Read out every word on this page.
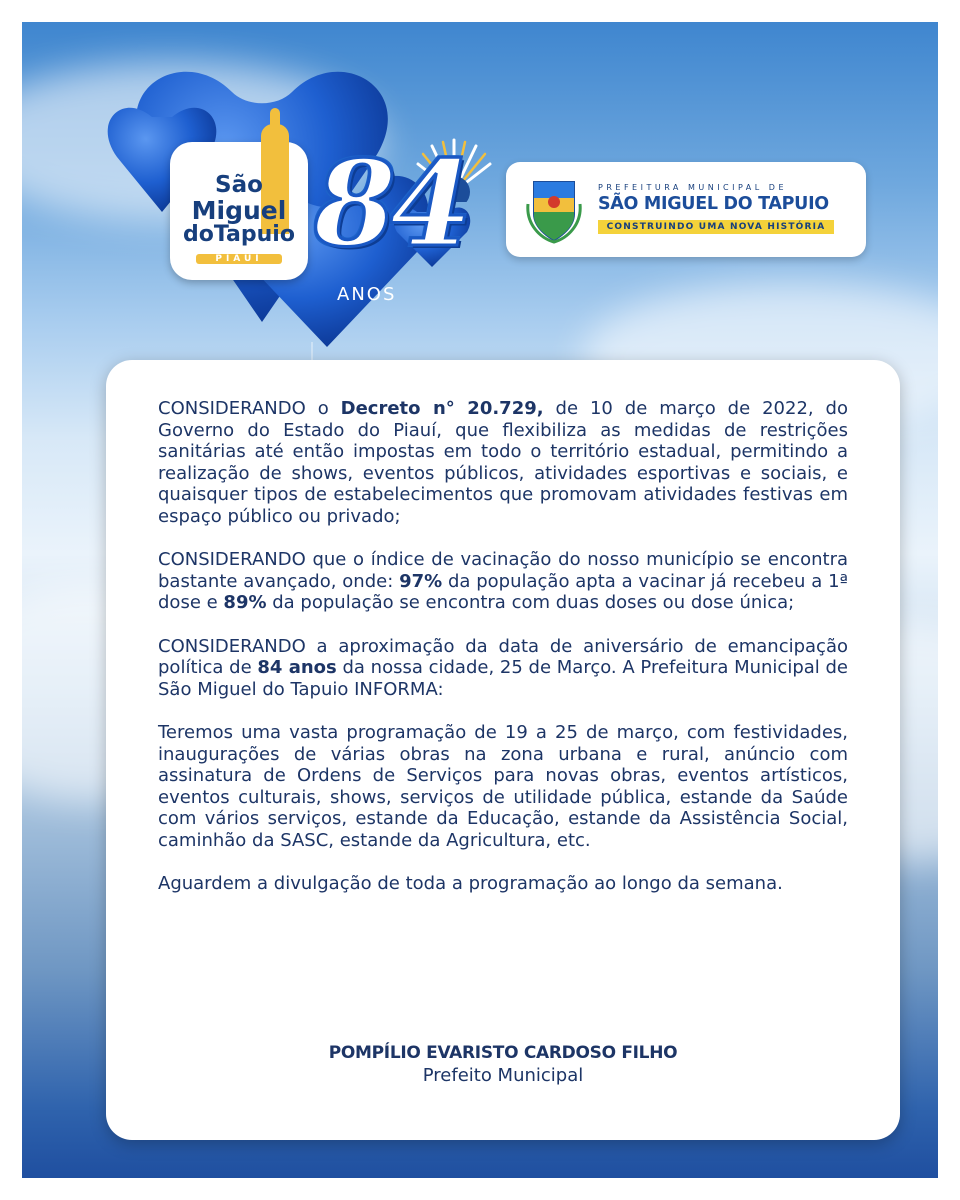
São
Miguel
doTapuio
PIAUÍ 84
ANOS
PREFEITURA MUNICIPAL DE
SÃO MIGUEL DO TAPUIO
CONSTRUINDO UMA NOVA HISTÓRIA

CONSIDERANDO o Decreto n° 20.729, de 10 de março de 2022, do Governo do Estado do Piauí, que flexibiliza as medidas de restrições sanitárias até então impostas em todo o território estadual, permitindo a realização de shows, eventos públicos, atividades esportivas e sociais, e quaisquer tipos de estabelecimentos que promovam atividades festivas em espaço público ou privado;

CONSIDERANDO que o índice de vacinação do nosso município se encontra bastante avançado, onde: 97% da população apta a vacinar já recebeu a 1ª dose e 89% da população se encontra com duas doses ou dose única;

CONSIDERANDO a aproximação da data de aniversário de emancipação política de 84 anos da nossa cidade, 25 de Março. A Prefeitura Municipal de São Miguel do Tapuio INFORMA:

Teremos uma vasta programação de 19 a 25 de março, com festividades, inaugurações de várias obras na zona urbana e rural, anúncio com assinatura de Ordens de Serviços para novas obras, eventos artísticos, eventos culturais, shows, serviços de utilidade pública, estande da Saúde com vários serviços, estande da Educação, estande da Assistência Social, caminhão da SASC, estande da Agricultura, etc.

Aguardem a divulgação de toda a programação ao longo da semana.

POMPÍLIO EVARISTO CARDOSO FILHO
Prefeito Municipal
